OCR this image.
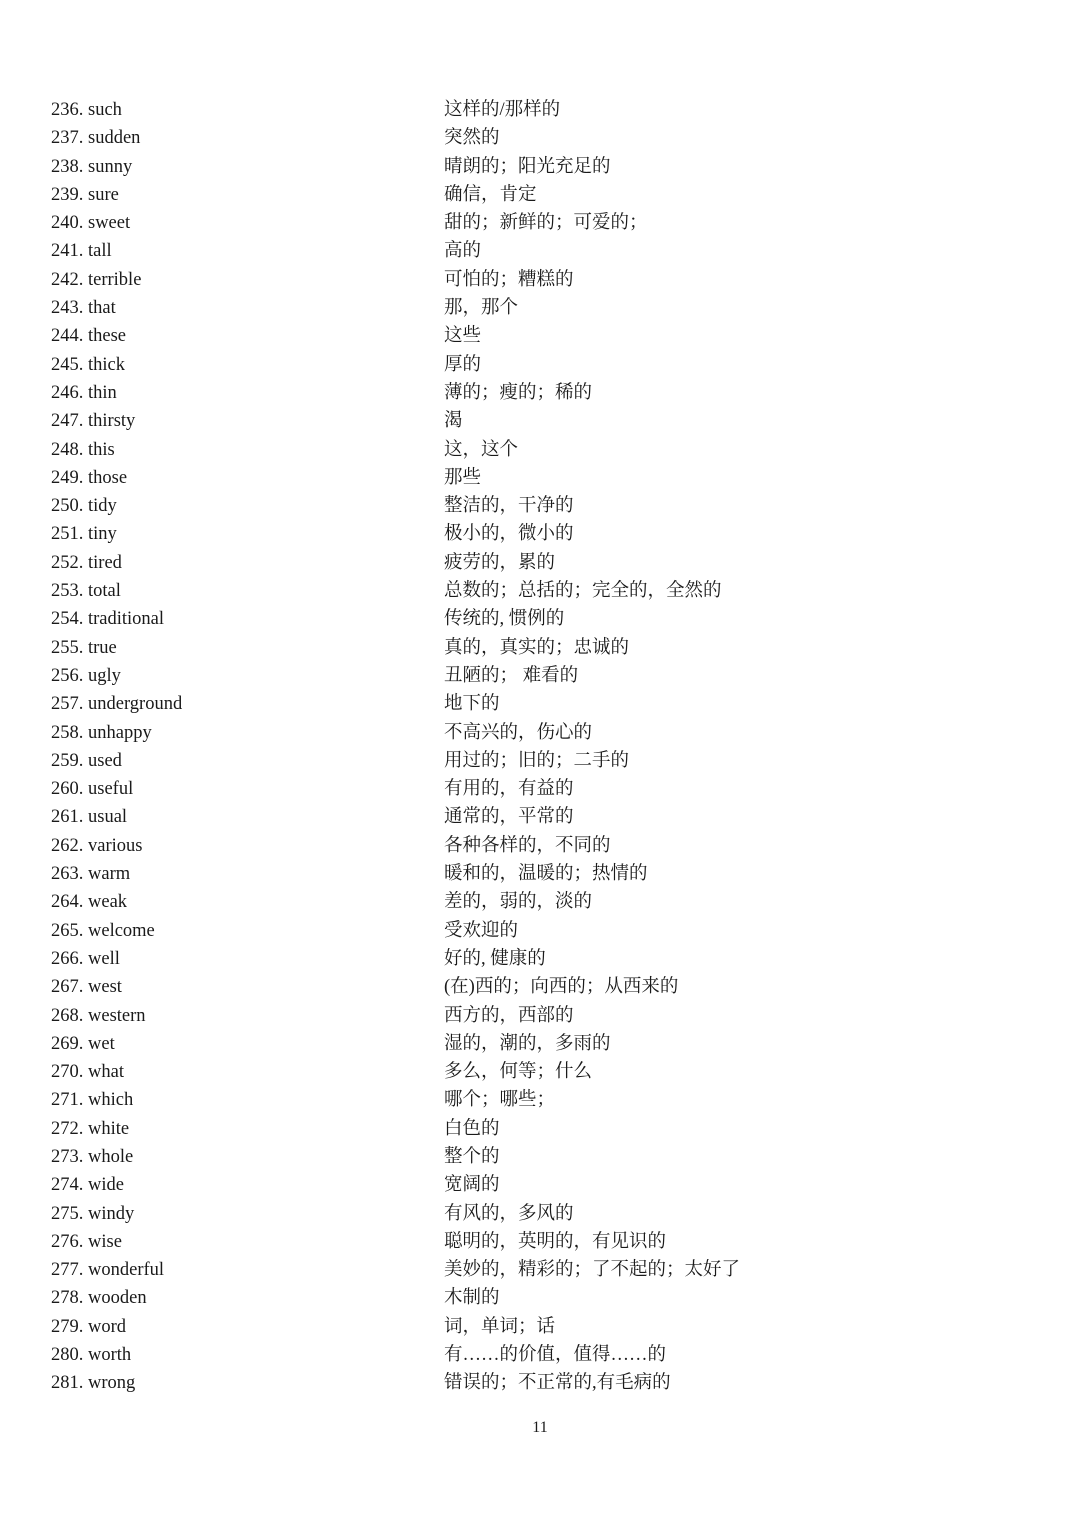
236. such	这样的/那样的
237. sudden	突然的
238. sunny	晴朗的；阳光充足的
239. sure	确信，肯定
240. sweet	甜的；新鲜的；可爱的；
241. tall	高的
242. terrible	可怕的；糟糕的
243. that	那，那个
244. these	这些
245. thick	厚的
246. thin	薄的；瘦的；稀的
247. thirsty	渴
248. this	这，这个
249. those	那些
250. tidy	整洁的，干净的
251. tiny	极小的，微小的
252. tired	疲劳的，累的
253. total	总数的；总括的；完全的，全然的
254. traditional	传统的, 惯例的
255. true	真的，真实的；忠诚的
256. ugly	丑陋的； 难看的
257. underground	地下的
258. unhappy	不高兴的，伤心的
259. used	用过的；旧的；二手的
260. useful	有用的，有益的
261. usual	通常的，平常的
262. various	各种各样的，不同的
263. warm	暖和的，温暖的；热情的
264. weak	差的，弱的，淡的
265. welcome	受欢迎的
266. well	好的, 健康的
267. west	(在)西的；向西的；从西来的
268. western	西方的，西部的
269. wet	湿的，潮的，多雨的
270. what	多么，何等；什么
271. which	哪个；哪些；
272. white	白色的
273. whole	整个的
274. wide	宽阔的
275. windy	有风的，多风的
276. wise	聪明的，英明的，有见识的
277. wonderful	美妙的，精彩的；了不起的；太好了
278. wooden	木制的
279. word	词，单词；话
280. worth	有……的价值，值得……的
281. wrong	错误的；不正常的,有毛病的
11
